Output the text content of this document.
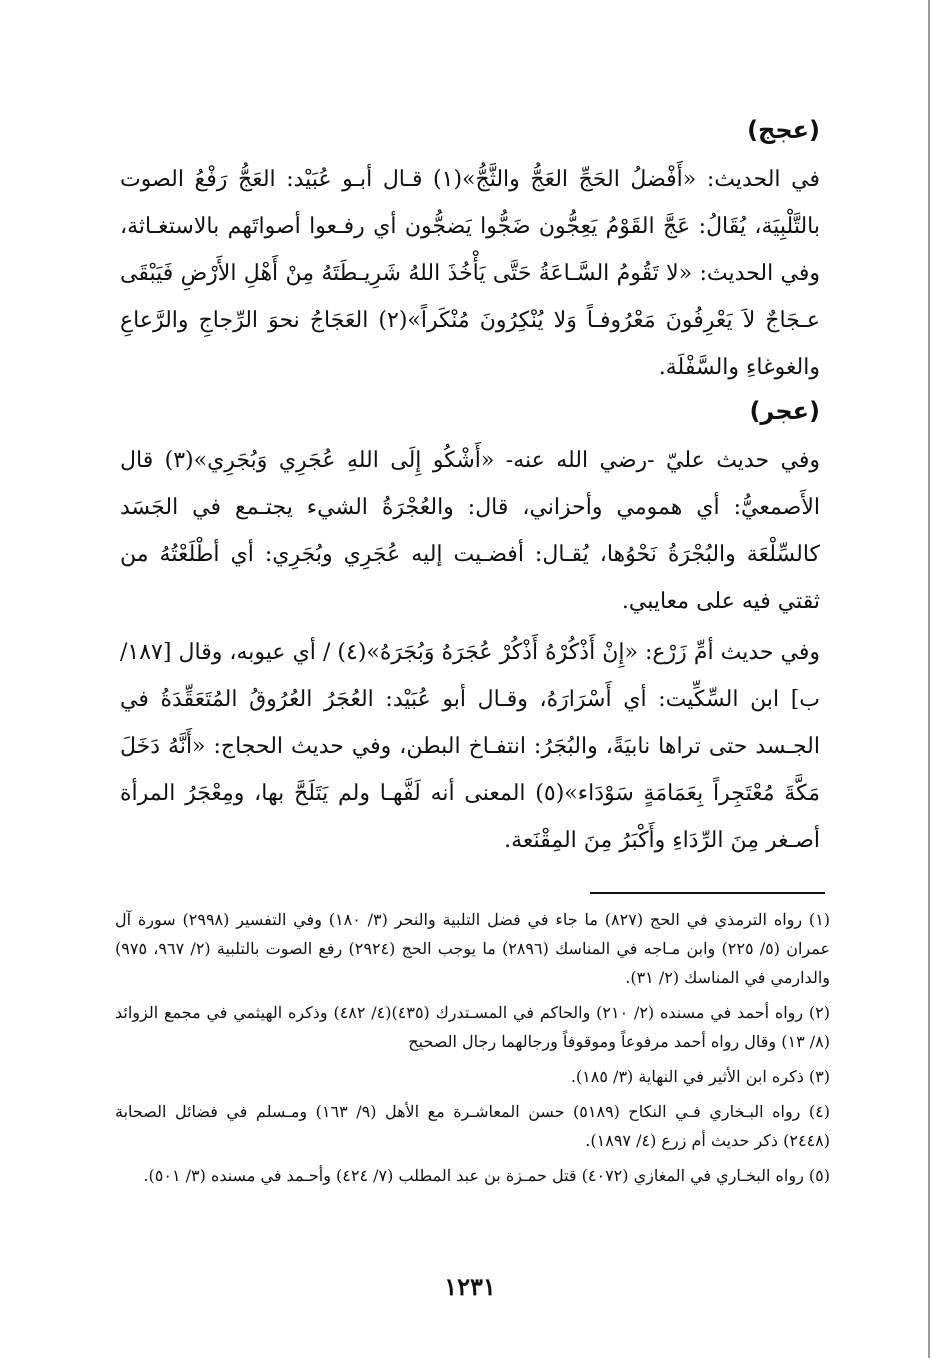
(عجج)

في الحديث: «أَفْضلُ الحَجِّ العَجُّ والثَّجُّ»(١) قـال أبـو عُبَيْد: العَجُّ رَفْعُ الصوت بالتَّلْبِيَة، يُقَالُ: عَجَّ القَوْمُ يَعِجُّون ضَجُّوا يَضجُّون أي رفـعوا أصواتَهم بالاستغـاثة، وفي الحديث: «لا تَقُومُ السَّـاعَةُ حَتَّى يَأْخُذَ اللهُ شَرِيـطَتَهُ مِنْ أَهْلِ الأَرْضِ فَيَبْقَى عـجَاجٌ لاَ يَعْرِفُونَ مَعْرُوفـاً وَلا يُنْكِرُونَ مُنْكَراً»(٢) العَجَاجُ نحوَ الرِّجاجِ والرَّعاعِ والغوغاءِ والسَّفْلَة.

(عجر)

وفي حديث عليّ -رضي الله عنه- «أَشْكُو إِلَى اللهِ عُجَرِي وَبُجَرِي»(٣) قال الأَصمعيُّ: أي همومي وأحزاني، قال: والعُجْرَةُ الشيء يجتـمع في الجَسَد كالسِّلْعَة والبُجْرَةُ نَحْوُها، يُقـال: أفضـيت إليه عُجَرِي وبُجَرِي: أي أطْلَعْتُهُ من ثقتي فيه على معايبي.

وفي حديث أمِّ زَرْع: «إِنْ أَذْكُرْهُ أَذْكُرْ عُجَرَهُ وَبُجَرَهُ»(٤) / أي عيوبه، وقال [١٨٧/ب] ابن السِّكِّيت: أي أَسْرَارَهُ، وقـال أبو عُبَيْد: العُجَرُ العُرُوقُ المُتَعَقِّدَةُ في الجـسد حتى تراها نابيَةً، والبُجَرُ: انتفـاخ البطن، وفي حديث الحجاج: «أَنَّهُ دَخَلَ مَكَّةَ مُعْتَجِراً بِعَمَامَةٍ سَوْدَاء»(٥) المعنى أنه لَفَّهـا ولم يَتَلَحَّ بها، ومِعْجَرُ المرأة أصـغر مِنَ الرِّدَاءِ وأَكْبَرُ مِنَ المِقْنَعة.

(١) رواه الترمذي في الحج (٨٢٧) ما جاء في فضل التلبية والنحر (٣/ ١٨٠) وفي التفسير (٢٩٩٨) سورة آل عمران (٥/ ٢٢٥) وابن مـاجه في المناسك (٢٨٩٦) ما يوجب الحج (٢٩٢٤) رفع الصوت بالتلبية (٢/ ٩٦٧، ٩٧٥) والدارمي في المناسك (٢/ ٣١).

(٢) رواه أحمد في مسنده (٢/ ٢١٠) والحاكم في المسـتدرك (٤٣٥)(٤/ ٤٨٢) وذكره الهيثمي في مجمع الزوائد (٨/ ١٣) وقال رواه أحمد مرفوعاً وموقوفاً ورجالهما رجال الصحيح

(٣) ذكره ابن الأثير في النهاية (٣/ ١٨٥).

(٤) رواه البـخاري فـي النكاح (٥١٨٩) حسن المعاشـرة مع الأهل (٩/ ١٦٣) ومـسلم في فضائل الصحابة (٢٤٤٨) ذكر حديث أم زرع (٤/ ١٨٩٧).

(٥) رواه البخـاري في المغازي (٤٠٧٢) قتل حمـزة بن عبد المطلب (٧/ ٤٢٤) وأحـمد في مسنده (٣/ ٥٠١).

١٢٣١
